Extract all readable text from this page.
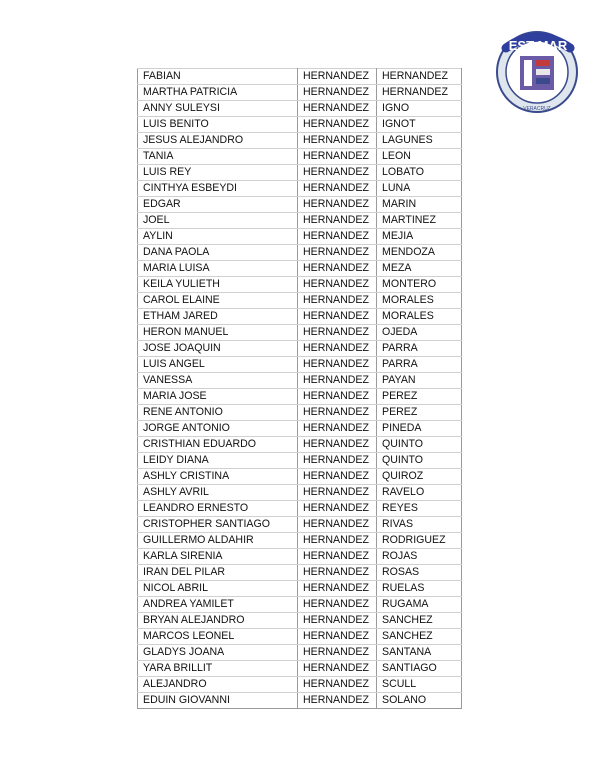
EST MAR
VERACRUZ
FABIAN	HERNANDEZ	HERNANDEZ
MARTHA PATRICIA	HERNANDEZ	HERNANDEZ
ANNY SULEYSI	HERNANDEZ	IGNO
LUIS BENITO	HERNANDEZ	IGNOT
JESUS ALEJANDRO	HERNANDEZ	LAGUNES
TANIA	HERNANDEZ	LEON
LUIS REY	HERNANDEZ	LOBATO
CINTHYA ESBEYDI	HERNANDEZ	LUNA
EDGAR	HERNANDEZ	MARIN
JOEL	HERNANDEZ	MARTINEZ
AYLIN	HERNANDEZ	MEJIA
DANA PAOLA	HERNANDEZ	MENDOZA
MARIA LUISA	HERNANDEZ	MEZA
KEILA YULIETH	HERNANDEZ	MONTERO
CAROL ELAINE	HERNANDEZ	MORALES
ETHAM JARED	HERNANDEZ	MORALES
HERON MANUEL	HERNANDEZ	OJEDA
JOSE JOAQUIN	HERNANDEZ	PARRA
LUIS ANGEL	HERNANDEZ	PARRA
VANESSA	HERNANDEZ	PAYAN
MARIA JOSE	HERNANDEZ	PEREZ
RENE ANTONIO	HERNANDEZ	PEREZ
JORGE ANTONIO	HERNANDEZ	PINEDA
CRISTHIAN EDUARDO	HERNANDEZ	QUINTO
LEIDY DIANA	HERNANDEZ	QUINTO
ASHLY CRISTINA	HERNANDEZ	QUIROZ
ASHLY AVRIL	HERNANDEZ	RAVELO
LEANDRO ERNESTO	HERNANDEZ	REYES
CRISTOPHER SANTIAGO	HERNANDEZ	RIVAS
GUILLERMO ALDAHIR	HERNANDEZ	RODRIGUEZ
KARLA SIRENIA	HERNANDEZ	ROJAS
IRAN DEL PILAR	HERNANDEZ	ROSAS
NICOL ABRIL	HERNANDEZ	RUELAS
ANDREA YAMILET	HERNANDEZ	RUGAMA
BRYAN ALEJANDRO	HERNANDEZ	SANCHEZ
MARCOS LEONEL	HERNANDEZ	SANCHEZ
GLADYS JOANA	HERNANDEZ	SANTANA
YARA BRILLIT	HERNANDEZ	SANTIAGO
ALEJANDRO	HERNANDEZ	SCULL
EDUIN GIOVANNI	HERNANDEZ	SOLANO
